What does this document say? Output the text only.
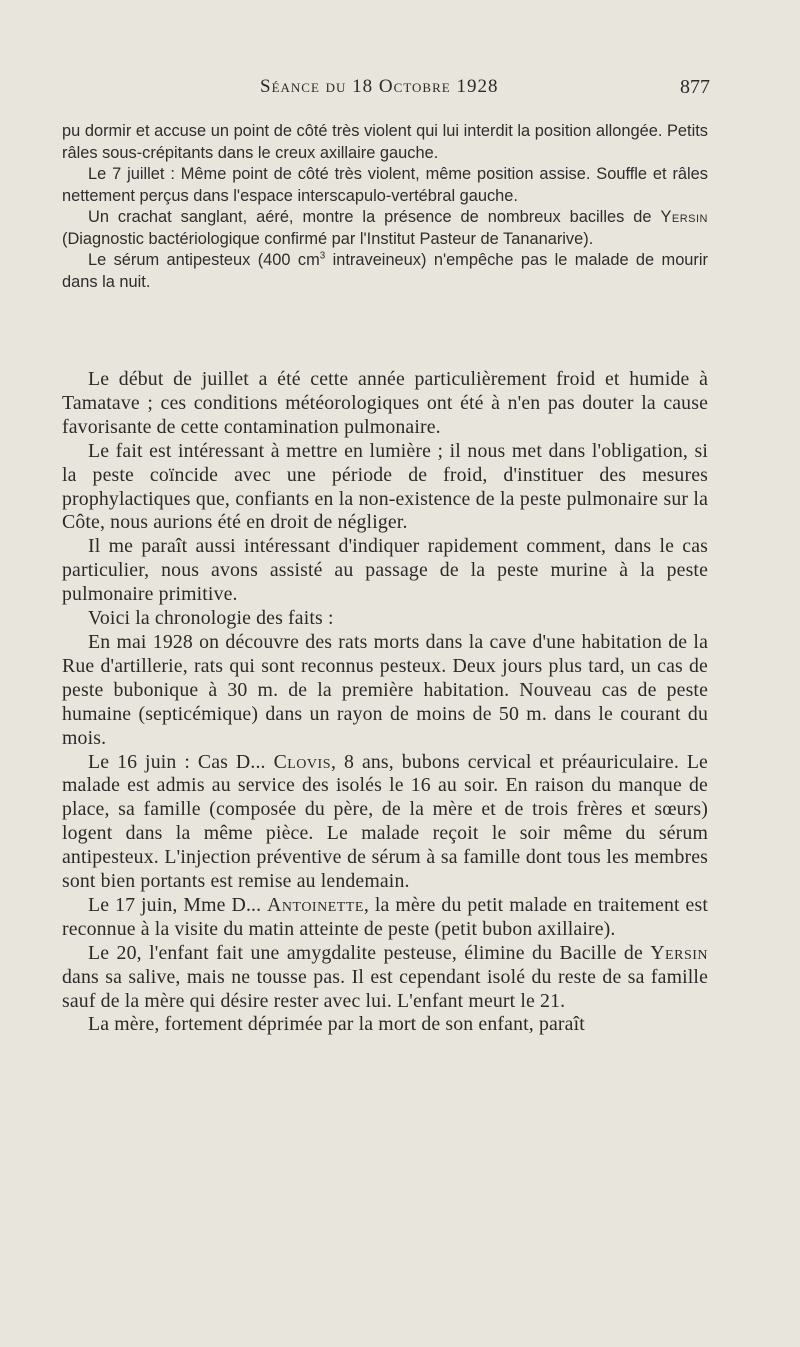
Séance du 18 Octobre 1928	877

pu dormir et accuse un point de côté très violent qui lui interdit la position allongée. Petits râles sous-crépitants dans le creux axillaire gauche.

Le 7 juillet : Même point de côté très violent, même position assise. Souffle et râles nettement perçus dans l'espace interscapulo-vertébral gauche.

Un crachat sanglant, aéré, montre la présence de nombreux bacilles de Yersin (Diagnostic bactériologique confirmé par l'Institut Pasteur de Tananarive).

Le sérum antipesteux (400 $cm^3$ intraveineux) n'empêche pas le malade de mourir dans la nuit.

Le début de juillet a été cette année particulièrement froid et humide à Tamatave ; ces conditions météorologiques ont été à n'en pas douter la cause favorisante de cette contamination pulmonaire.

Le fait est intéressant à mettre en lumière ; il nous met dans l'obligation, si la peste coïncide avec une période de froid, d'instituer des mesures prophylactiques que, confiants en la non-existence de la peste pulmonaire sur la Côte, nous aurions été en droit de négliger.

Il me paraît aussi intéressant d'indiquer rapidement comment, dans le cas particulier, nous avons assisté au passage de la peste murine à la peste pulmonaire primitive.

Voici la chronologie des faits :

En mai 1928 on découvre des rats morts dans la cave d'une habitation de la Rue d'artillerie, rats qui sont reconnus pesteux. Deux jours plus tard, un cas de peste bubonique à 30 m. de la première habitation. Nouveau cas de peste humaine (septicémique) dans un rayon de moins de 50 m. dans le courant du mois.

Le 16 juin : Cas D... Clovis, 8 ans, bubons cervical et préauriculaire. Le malade est admis au service des isolés le 16 au soir. En raison du manque de place, sa famille (composée du père, de la mère et de trois frères et sœurs) logent dans la même pièce. Le malade reçoit le soir même du sérum antipesteux. L'injection préventive de sérum à sa famille dont tous les membres sont bien portants est remise au lendemain.

Le 17 juin, Mme D... Antoinette, la mère du petit malade en traitement est reconnue à la visite du matin atteinte de peste (petit bubon axillaire).

Le 20, l'enfant fait une amygdalite pesteuse, élimine du Bacille de Yersin dans sa salive, mais ne tousse pas. Il est cependant isolé du reste de sa famille sauf de la mère qui désire rester avec lui. L'enfant meurt le 21.

La mère, fortement déprimée par la mort de son enfant, paraît
